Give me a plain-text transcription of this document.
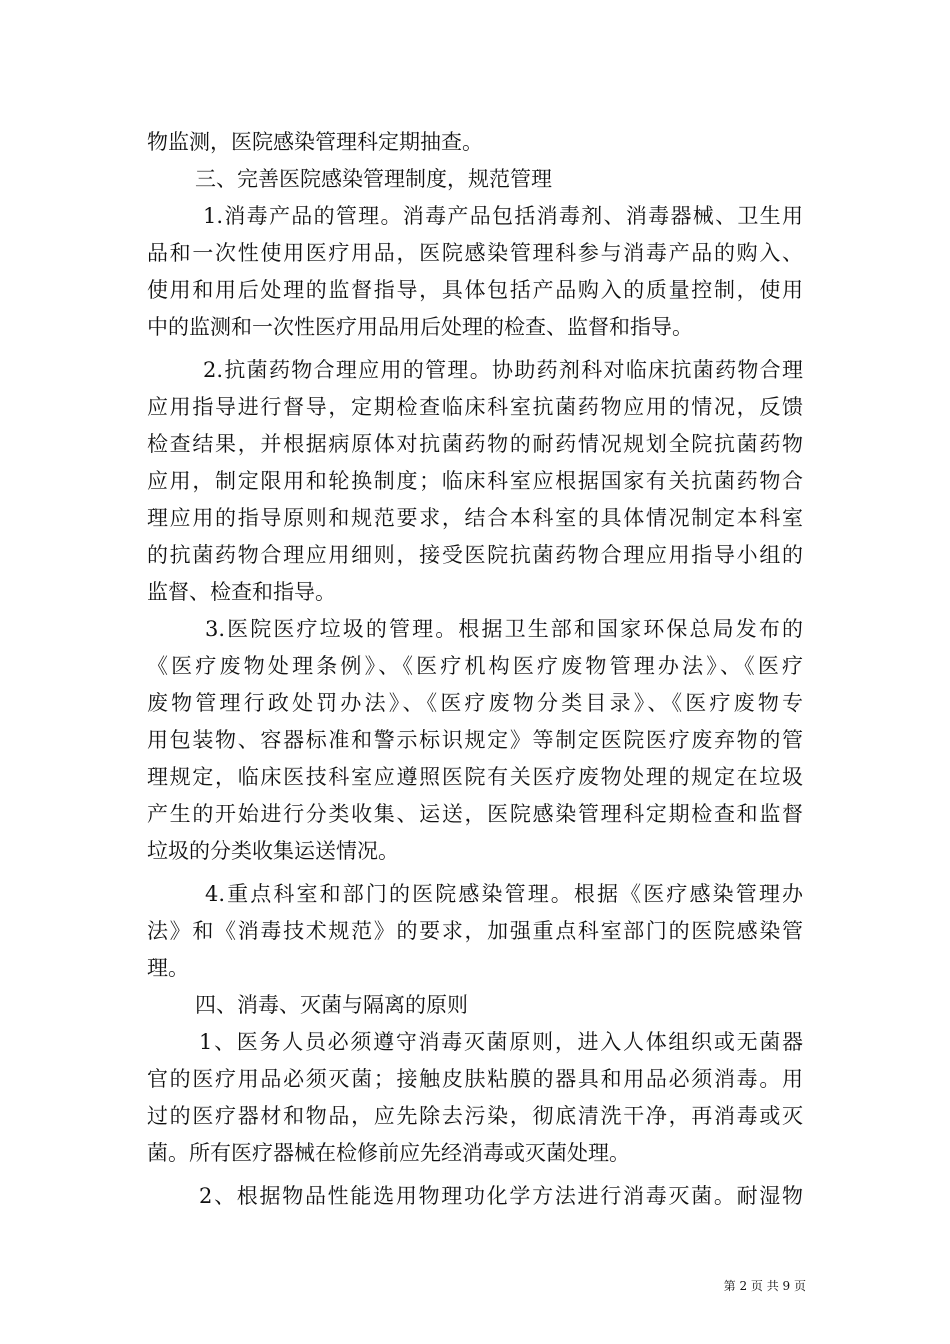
物监测，医院感染管理科定期抽查。
三、完善医院感染管理制度，规范管理
1.消毒产品的管理。消毒产品包括消毒剂、消毒器械、卫生用
品和一次性使用医疗用品，医院感染管理科参与消毒产品的购入、
使用和用后处理的监督指导，具体包括产品购入的质量控制，使用
中的监测和一次性医疗用品用后处理的检查、监督和指导。
2.抗菌药物合理应用的管理。协助药剂科对临床抗菌药物合理
应用指导进行督导，定期检查临床科室抗菌药物应用的情况，反馈
检查结果，并根据病原体对抗菌药物的耐药情况规划全院抗菌药物
应用，制定限用和轮换制度；临床科室应根据国家有关抗菌药物合
理应用的指导原则和规范要求，结合本科室的具体情况制定本科室
的抗菌药物合理应用细则，接受医院抗菌药物合理应用指导小组的
监督、检查和指导。
3.医院医疗垃圾的管理。根据卫生部和国家环保总局发布的
《医疗废物处理条例》、《医疗机构医疗废物管理办法》、《医疗
废物管理行政处罚办法》、《医疗废物分类目录》、《医疗废物专
用包装物、容器标准和警示标识规定》等制定医院医疗废弃物的管
理规定，临床医技科室应遵照医院有关医疗废物处理的规定在垃圾
产生的开始进行分类收集、运送，医院感染管理科定期检查和监督
垃圾的分类收集运送情况。
4.重点科室和部门的医院感染管理。根据《医疗感染管理办
法》和《消毒技术规范》的要求，加强重点科室部门的医院感染管
理。
四、消毒、灭菌与隔离的原则
1、医务人员必须遵守消毒灭菌原则，进入人体组织或无菌器
官的医疗用品必须灭菌；接触皮肤粘膜的器具和用品必须消毒。用
过的医疗器材和物品，应先除去污染，彻底清洗干净，再消毒或灭
菌。所有医疗器械在检修前应先经消毒或灭菌处理。
2、根据物品性能选用物理功化学方法进行消毒灭菌。耐湿物
第 2 页 共 9 页
